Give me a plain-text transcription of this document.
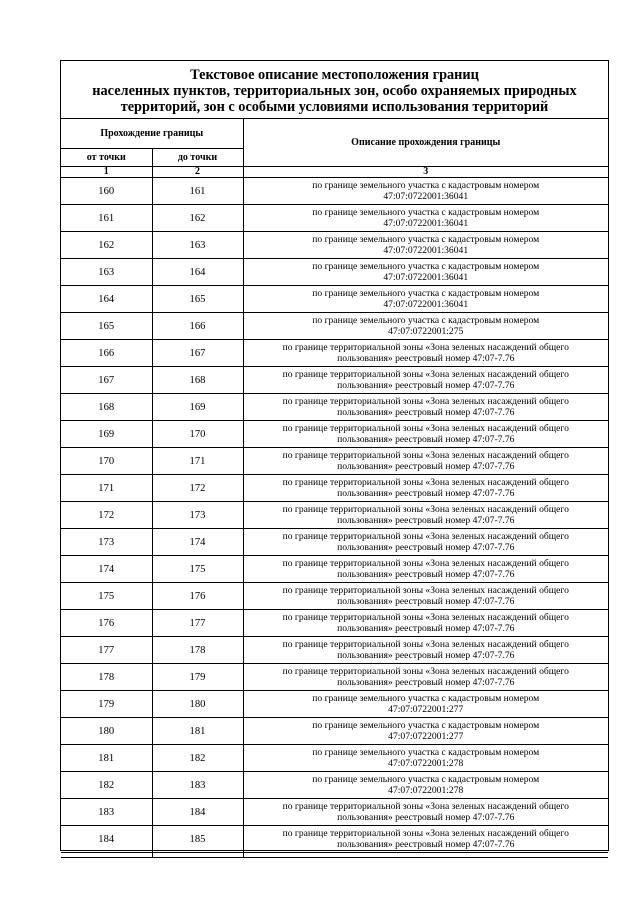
Текстовое описание местоположения границ
населенных пунктов, территориальных зон, особо охраняемых природных
территорий, зон с особыми условиями использования территорий
Прохождение границы		Описание прохождения границы
от точки	до точки	
1	2	3
160	161	по границе земельного участка с кадастровым номером
47:07:0722001:36041

161	162	по границе земельного участка с кадастровым номером
47:07:0722001:36041

162	163	по границе земельного участка с кадастровым номером
47:07:0722001:36041

163	164	по границе земельного участка с кадастровым номером
47:07:0722001:36041

164	165	по границе земельного участка с кадастровым номером
47:07:0722001:36041

165	166	по границе земельного участка с кадастровым номером
47:07:0722001:275

166	167	по границе территориальной зоны «Зона зеленых насаждений общего
пользования» реестровый номер 47:07-7.76

167	168	по границе территориальной зоны «Зона зеленых насаждений общего
пользования» реестровый номер 47:07-7.76

168	169	по границе территориальной зоны «Зона зеленых насаждений общего
пользования» реестровый номер 47:07-7.76

169	170	по границе территориальной зоны «Зона зеленых насаждений общего
пользования» реестровый номер 47:07-7.76

170	171	по границе территориальной зоны «Зона зеленых насаждений общего
пользования» реестровый номер 47:07-7.76

171	172	по границе территориальной зоны «Зона зеленых насаждений общего
пользования» реестровый номер 47:07-7.76

172	173	по границе территориальной зоны «Зона зеленых насаждений общего
пользования» реестровый номер 47:07-7.76

173	174	по границе территориальной зоны «Зона зеленых насаждений общего
пользования» реестровый номер 47:07-7.76

174	175	по границе территориальной зоны «Зона зеленых насаждений общего
пользования» реестровый номер 47:07-7.76

175	176	по границе территориальной зоны «Зона зеленых насаждений общего
пользования» реестровый номер 47:07-7.76

176	177	по границе территориальной зоны «Зона зеленых насаждений общего
пользования» реестровый номер 47:07-7.76

177	178	по границе территориальной зоны «Зона зеленых насаждений общего
пользования» реестровый номер 47:07-7.76

178	179	по границе территориальной зоны «Зона зеленых насаждений общего
пользования» реестровый номер 47:07-7.76

179	180	по границе земельного участка с кадастровым номером
47:07:0722001:277

180	181	по границе земельного участка с кадастровым номером
47:07:0722001:277

181	182	по границе земельного участка с кадастровым номером
47:07:0722001:278

182	183	по границе земельного участка с кадастровым номером
47:07:0722001:278

183	184	по границе территориальной зоны «Зона зеленых насаждений общего
пользования» реестровый номер 47:07-7.76

184	185	по границе территориальной зоны «Зона зеленых насаждений общего
пользования» реестровый номер 47:07-7.76
